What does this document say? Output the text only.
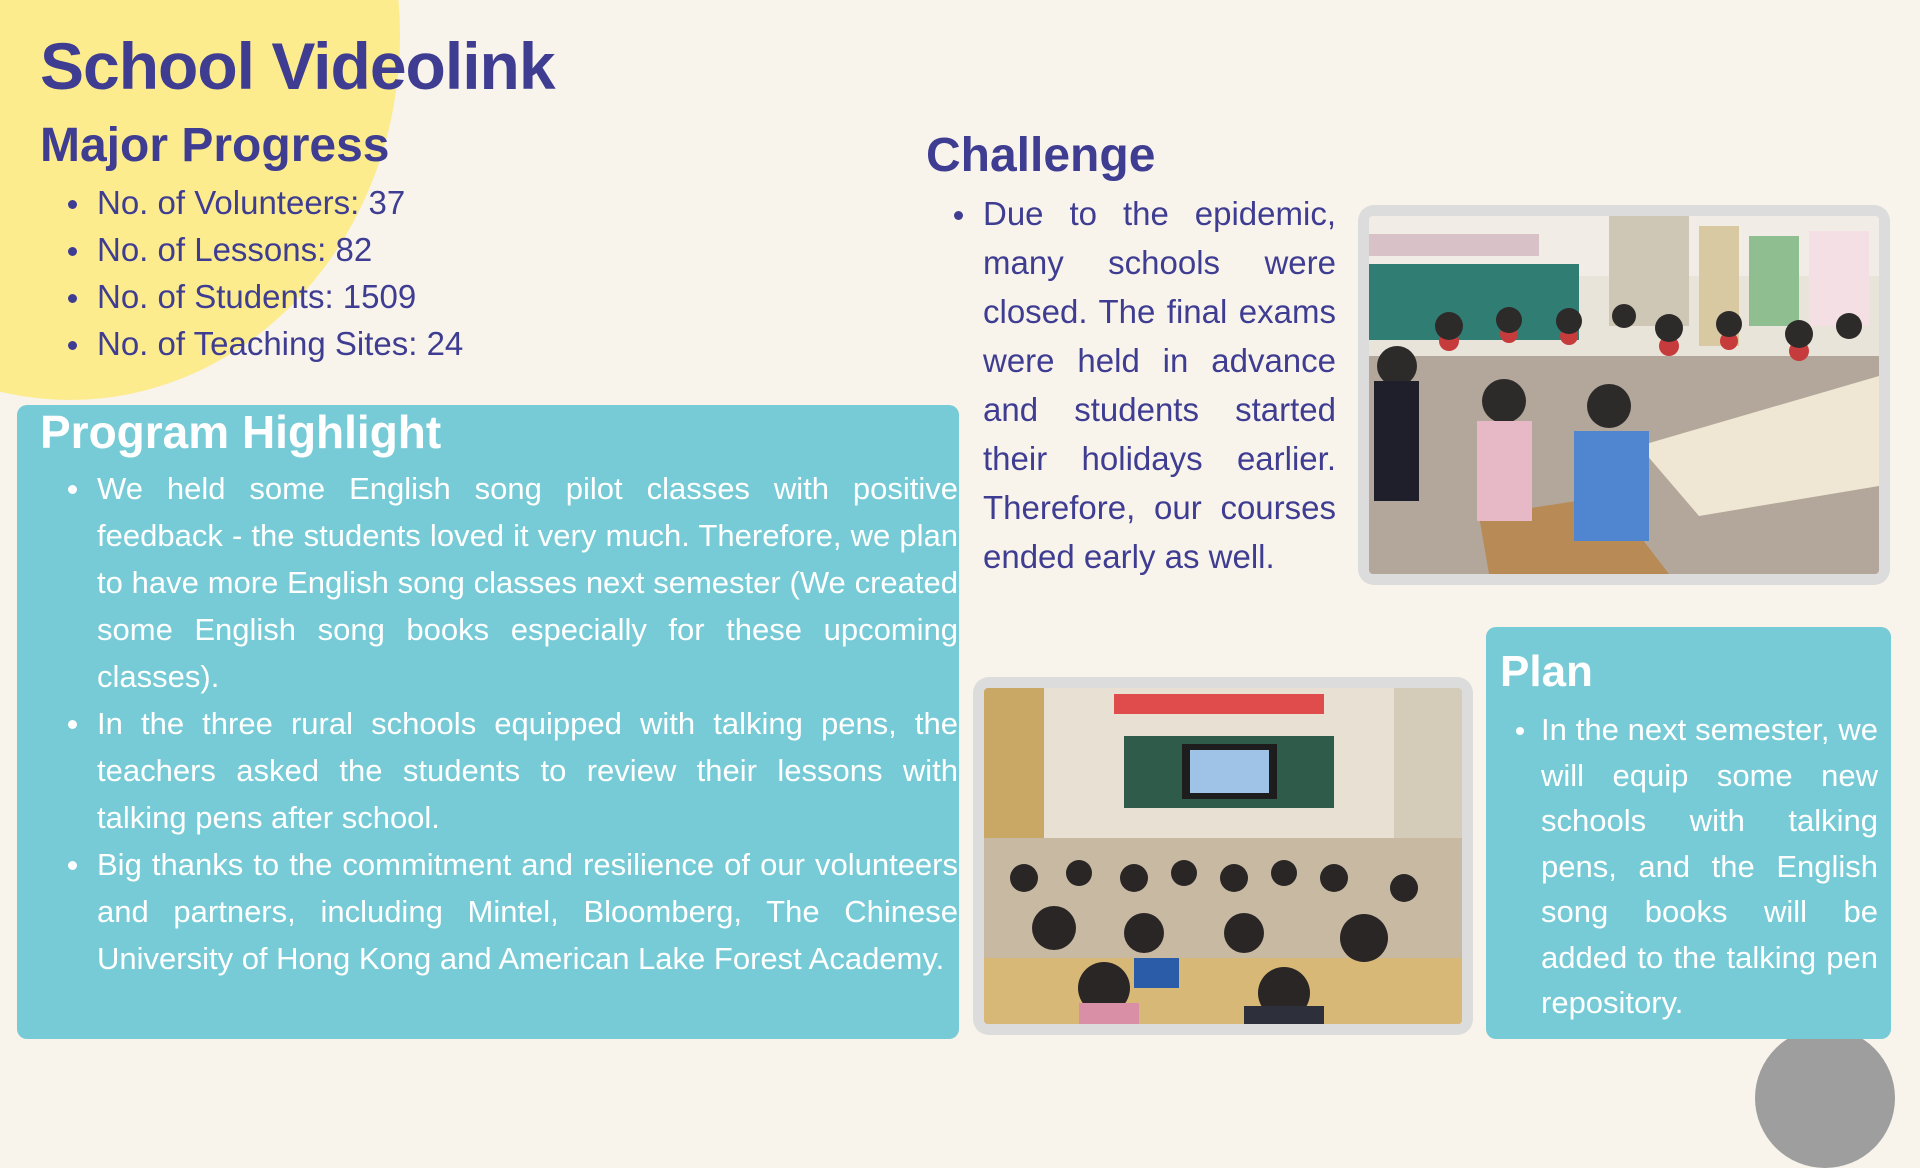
School Videolink
Major Progress
No. of Volunteers: 37
No. of Lessons: 82
No. of Students: 1509
No. of Teaching Sites: 24
Program Highlight
We held some English song pilot classes with positive feedback - the students loved it very much. Therefore, we plan to have more English song classes next semester (We created some English song books especially for these upcoming classes).
In the three rural schools equipped with talking pens, the teachers asked the students to review their lessons with talking pens after school.
Big thanks to the commitment and resilience of our volunteers and partners, including Mintel, Bloomberg, The Chinese University of Hong Kong and American Lake Forest Academy.
Challenge
Due to the epidemic, many schools were closed. The final exams were held in advance and students started their holidays earlier. Therefore, our courses ended early as well.
Plan
In the next semester, we will equip some new schools with talking pens, and the English song books will be added to the talking pen repository.
